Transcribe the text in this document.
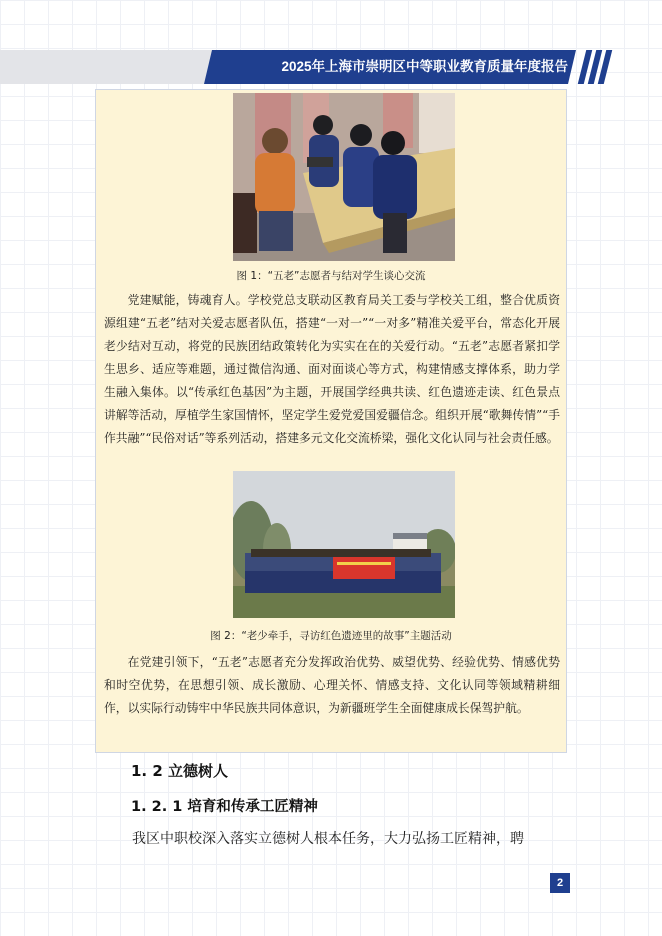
2025年上海市崇明区中等职业教育质量年度报告
图 1：“五老”志愿者与结对学生谈心交流

党建赋能，铸魂育人。学校党总支联动区教育局关工委与学校关工组，整合优质资源组建“五老”结对关爱志愿者队伍，搭建“一对一”“一对多”精准关爱平台，常态化开展老少结对互动，将党的民族团结政策转化为实实在在的关爱行动。“五老”志愿者紧扣学生思乡、适应等难题，通过微信沟通、面对面谈心等方式，构建情感支撑体系，助力学生融入集体。以“传承红色基因”为主题，开展国学经典共读、红色遗迹走读、红色景点讲解等活动，厚植学生家国情怀，坚定学生爱党爱国爱疆信念。组织开展“歌舞传情”“手作共融”“民俗对话”等系列活动，搭建多元文化交流桥梁，强化文化认同与社会责任感。

图 2：“老少牵手，寻访红色遗迹里的故事”主题活动

在党建引领下，“五老”志愿者充分发挥政治优势、威望优势、经验优势、情感优势和时空优势，在思想引领、成长激励、心理关怀、情感支持、文化认同等领域精耕细作，以实际行动铸牢中华民族共同体意识，为新疆班学生全面健康成长保驾护航。

1. 2 立德树人
1. 2. 1 培育和传承工匠精神

我区中职校深入落实立德树人根本任务，大力弘扬工匠精神，聘

2
